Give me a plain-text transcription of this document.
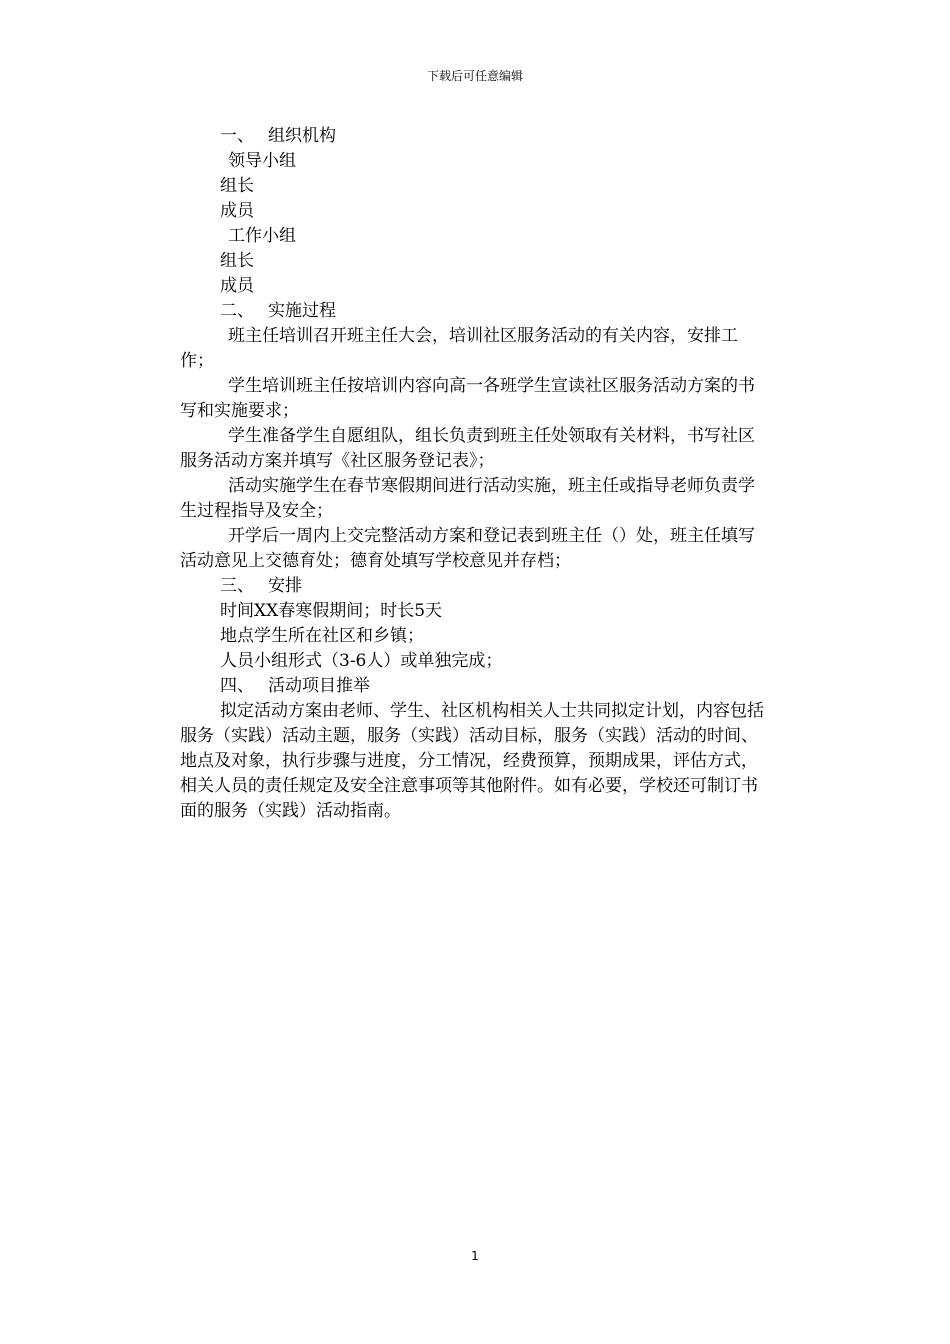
下载后可任意编辑

一、 组织机构

领导小组

组长

成员

工作小组

组长

成员

二、 实施过程

班主任培训召开班主任大会，培训社区服务活动的有关内容，安排工作；

学生培训班主任按培训内容向高一各班学生宣读社区服务活动方案的书写和实施要求；

学生准备学生自愿组队，组长负责到班主任处领取有关材料，书写社区服务活动方案并填写《社区服务登记表》；

活动实施学生在春节寒假期间进行活动实施，班主任或指导老师负责学生过程指导及安全；

开学后一周内上交完整活动方案和登记表到班主任（）处，班主任填写活动意见上交德育处；德育处填写学校意见并存档；

三、 安排

时间XX春寒假期间；时长5天

地点学生所在社区和乡镇；

人员小组形式（3-6人）或单独完成；

四、 活动项目推举

拟定活动方案由老师、学生、社区机构相关人士共同拟定计划，内容包括服务（实践）活动主题，服务（实践）活动目标，服务（实践）活动的时间、地点及对象，执行步骤与进度，分工情况，经费预算，预期成果，评估方式，相关人员的责任规定及安全注意事项等其他附件。如有必要，学校还可制订书面的服务（实践）活动指南。

1
